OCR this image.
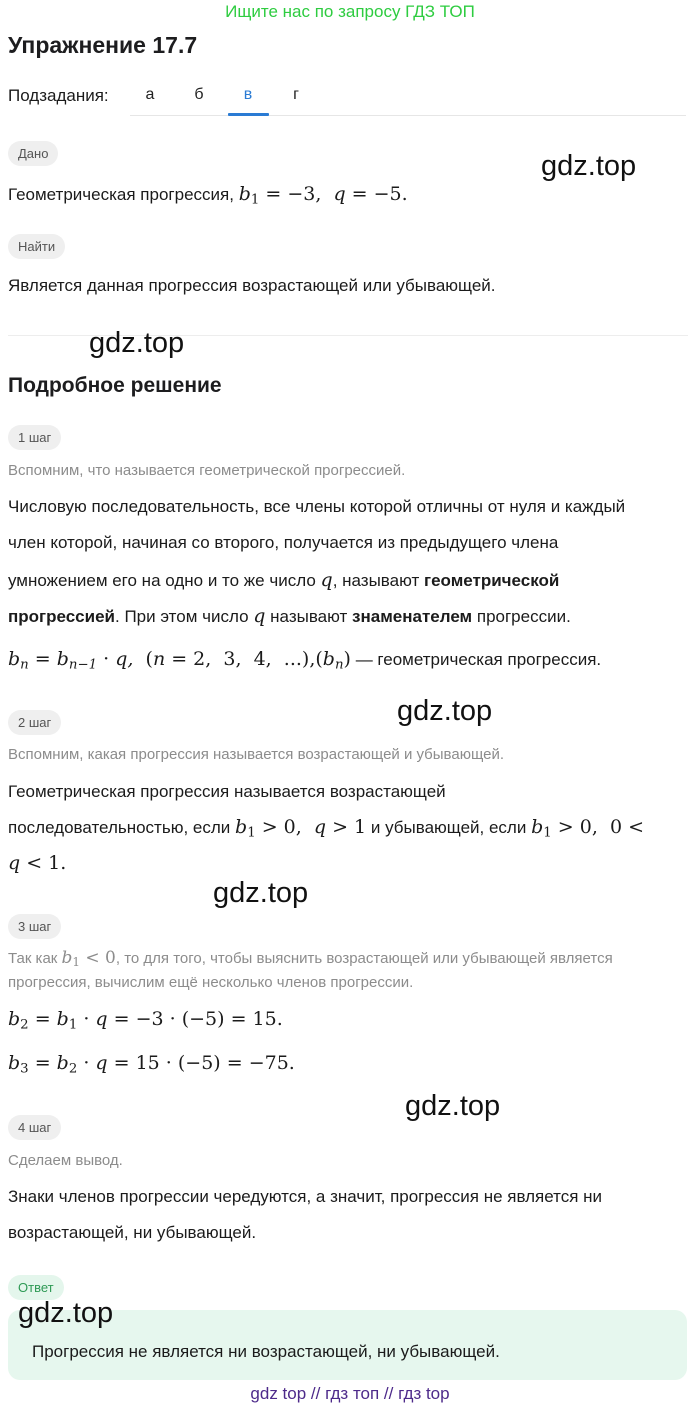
Ищите нас по запросу ГДЗ ТОП
Упражнение 17.7
Подзадания:	а	б	в	г
Дано
Геометрическая прогрессия, $b_1 = -3$,  q = −5.
gdz.top
Найти
Является данная прогрессия возрастающей или убывающей.
gdz.top
Подробное решение
1 шаг
Вспомним, что называется геометрической прогрессией.
Числовую последовательность, все члены которой отличны от нуля и каждый
член которой, начиная со второго, получается из предыдущего члена
умножением его на одно и то же число q, называют геометрической
прогрессией. При этом число q называют знаменателем прогрессии.
$b_n = b_{n-1} \cdot q$,  (n = 2,  3,  4,  $...),(b_n)$ — геометрическая прогрессия.
gdz.top
2 шаг
Вспомним, какая прогрессия называется возрастающей и убывающей.
Геометрическая прогрессия называется возрастающей
последовательностью, если $b_1 > 0$,  q > 1 и убывающей, если $b_1 > 0$,  0 <
q < 1.
gdz.top
3 шаг
Так как $b_1 < 0$, то для того, чтобы выяснить возрастающей или убывающей является
прогрессия, вычислим ещё несколько членов прогрессии.
$b_2 = b_1 \cdot q = -3 \cdot (-5) = 15$.
$b_3 = b_2 \cdot q = 15 \cdot (-5) = -75$.
gdz.top
4 шаг
Сделаем вывод.
Знаки членов прогрессии чередуются, а значит, прогрессия не является ни
возрастающей, ни убывающей.
Ответ
gdz.top
Прогрессия не является ни возрастающей, ни убывающей.
gdz top // гдз топ // гдз top
